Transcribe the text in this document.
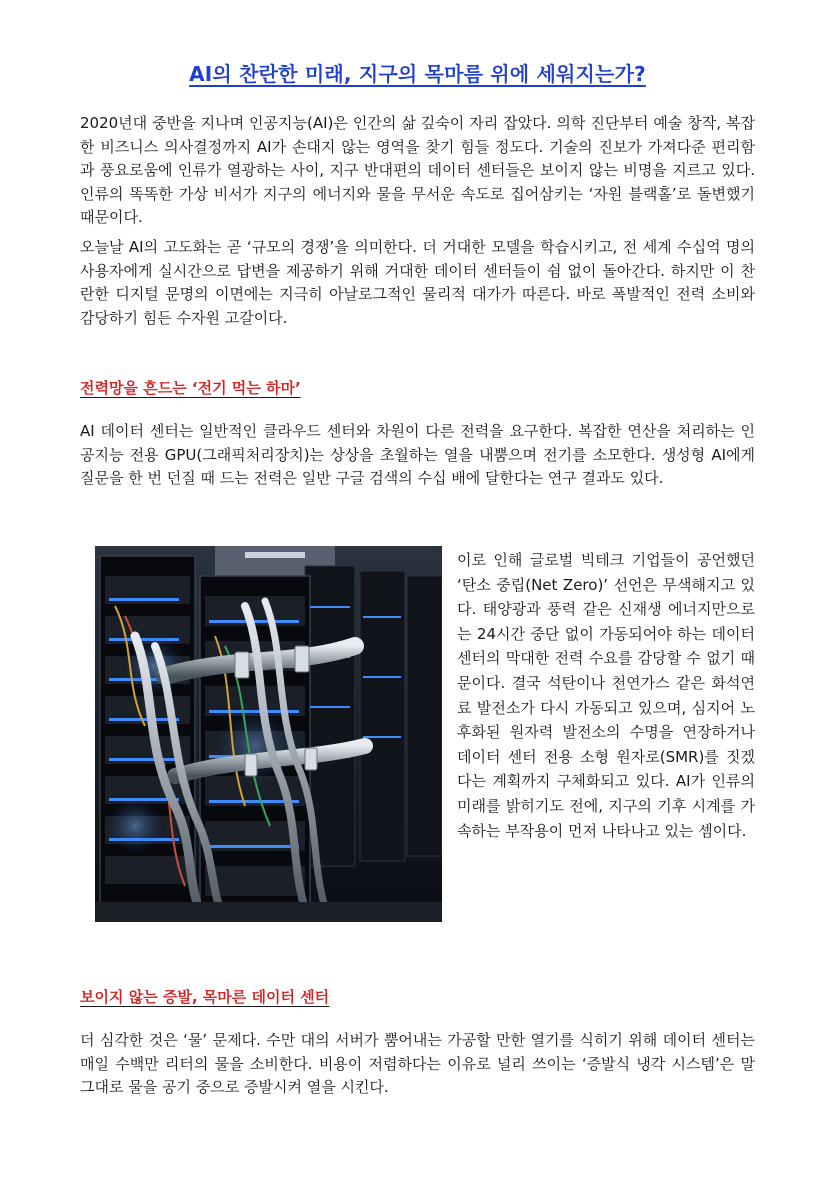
AI의 찬란한 미래, 지구의 목마름 위에 세워지는가?

2020년대 중반을 지나며 인공지능(AI)은 인간의 삶 깊숙이 자리 잡았다. 의학 진단부터 예술 창작, 복잡한 비즈니스 의사결정까지 AI가 손대지 않는 영역을 찾기 힘들 정도다. 기술의 진보가 가져다준 편리함과 풍요로움에 인류가 열광하는 사이, 지구 반대편의 데이터 센터들은 보이지 않는 비명을 지르고 있다. 인류의 똑똑한 가상 비서가 지구의 에너지와 물을 무서운 속도로 집어삼키는 ‘자원 블랙홀’로 돌변했기 때문이다.

오늘날 AI의 고도화는 곧 ‘규모의 경쟁’을 의미한다. 더 거대한 모델을 학습시키고, 전 세계 수십억 명의 사용자에게 실시간으로 답변을 제공하기 위해 거대한 데이터 센터들이 쉼 없이 돌아간다. 하지만 이 찬란한 디지털 문명의 이면에는 지극히 아날로그적인 물리적 대가가 따른다. 바로 폭발적인 전력 소비와 감당하기 힘든 수자원 고갈이다.

전력망을 흔드는 ‘전기 먹는 하마’

AI 데이터 센터는 일반적인 클라우드 센터와 차원이 다른 전력을 요구한다. 복잡한 연산을 처리하는 인공지능 전용 GPU(그래픽처리장치)는 상상을 초월하는 열을 내뿜으며 전기를 소모한다. 생성형 AI에게 질문을 한 번 던질 때 드는 전력은 일반 구글 검색의 수십 배에 달한다는 연구 결과도 있다.

이로 인해 글로벌 빅테크 기업들이 공언했던 ‘탄소 중립(Net Zero)’ 선언은 무색해지고 있다. 태양광과 풍력 같은 신재생 에너지만으로는 24시간 중단 없이 가동되어야 하는 데이터 센터의 막대한 전력 수요를 감당할 수 없기 때문이다. 결국 석탄이나 천연가스 같은 화석연료 발전소가 다시 가동되고 있으며, 심지어 노후화된 원자력 발전소의 수명을 연장하거나 데이터 센터 전용 소형 원자로(SMR)를 짓겠다는 계획까지 구체화되고 있다. AI가 인류의 미래를 밝히기도 전에, 지구의 기후 시계를 가속하는 부작용이 먼저 나타나고 있는 셈이다.

보이지 않는 증발, 목마른 데이터 센터

더 심각한 것은 ‘물’ 문제다. 수만 대의 서버가 뿜어내는 가공할 만한 열기를 식히기 위해 데이터 센터는 매일 수백만 리터의 물을 소비한다. 비용이 저렴하다는 이유로 널리 쓰이는 ‘증발식 냉각 시스템’은 말 그대로 물을 공기 중으로 증발시켜 열을 시킨다.
